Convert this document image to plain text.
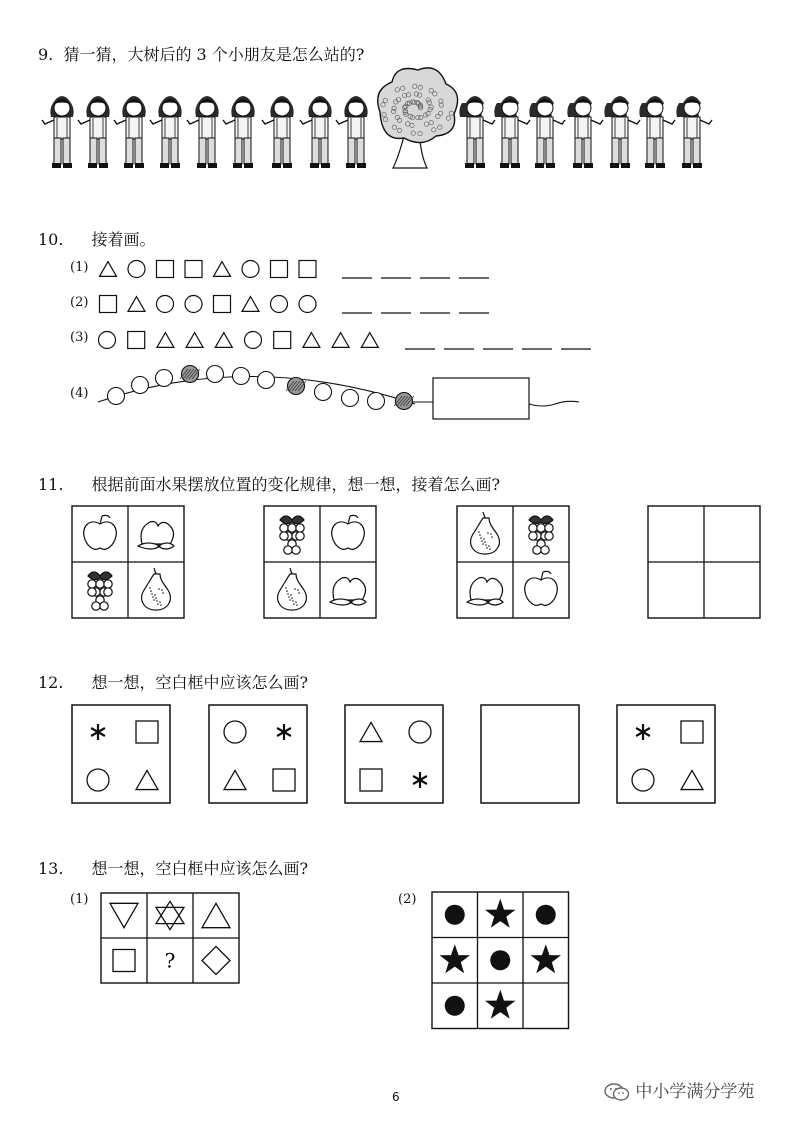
9. 猜一猜，大树后的 3 个小朋友是怎么站的?
10. 接着画。
(1)
(2)
(3)
(4)
11. 根据前面水果摆放位置的变化规律，想一想，接着怎么画?
12. 想一想，空白框中应该怎么画?
13. 想一想，空白框中应该怎么画?
(1)	(2)
?
6	中小学满分学苑
